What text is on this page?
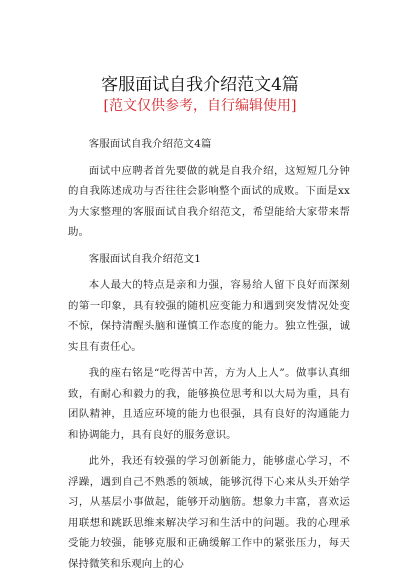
客服面试自我介绍范文4篇
[范文仅供参考，自行编辑使用]

客服面试自我介绍范文4篇

面试中应聘者首先要做的就是自我介绍，这短短几分钟的自我陈述成功与否往往会影响整个面试的成败。下面是xx为大家整理的客服面试自我介绍范文，希望能给大家带来帮助。

客服面试自我介绍范文1

本人最大的特点是亲和力强，容易给人留下良好而深刻的第一印象，具有较强的随机应变能力和遇到突发情况处变不惊，保持清醒头脑和谨慎工作态度的能力。独立性强，诚实且有责任心。

我的座右铭是“吃得苦中苦，方为人上人”。做事认真细致，有耐心和毅力的我，能够换位思考和以大局为重，具有团队精神，且适应环境的能力也很强，具有良好的沟通能力和协调能力，具有良好的服务意识。

此外，我还有较强的学习创新能力，能够虚心学习，不浮躁，遇到自己不熟悉的领域，能够沉得下心来从头开始学习，从基层小事做起，能够开动脑筋。想象力丰富，喜欢运用联想和跳跃思维来解决学习和生活中的问题。我的心理承受能力较强，能够克服和正确缓解工作中的紧张压力，每天保持微笑和乐观向上的心
